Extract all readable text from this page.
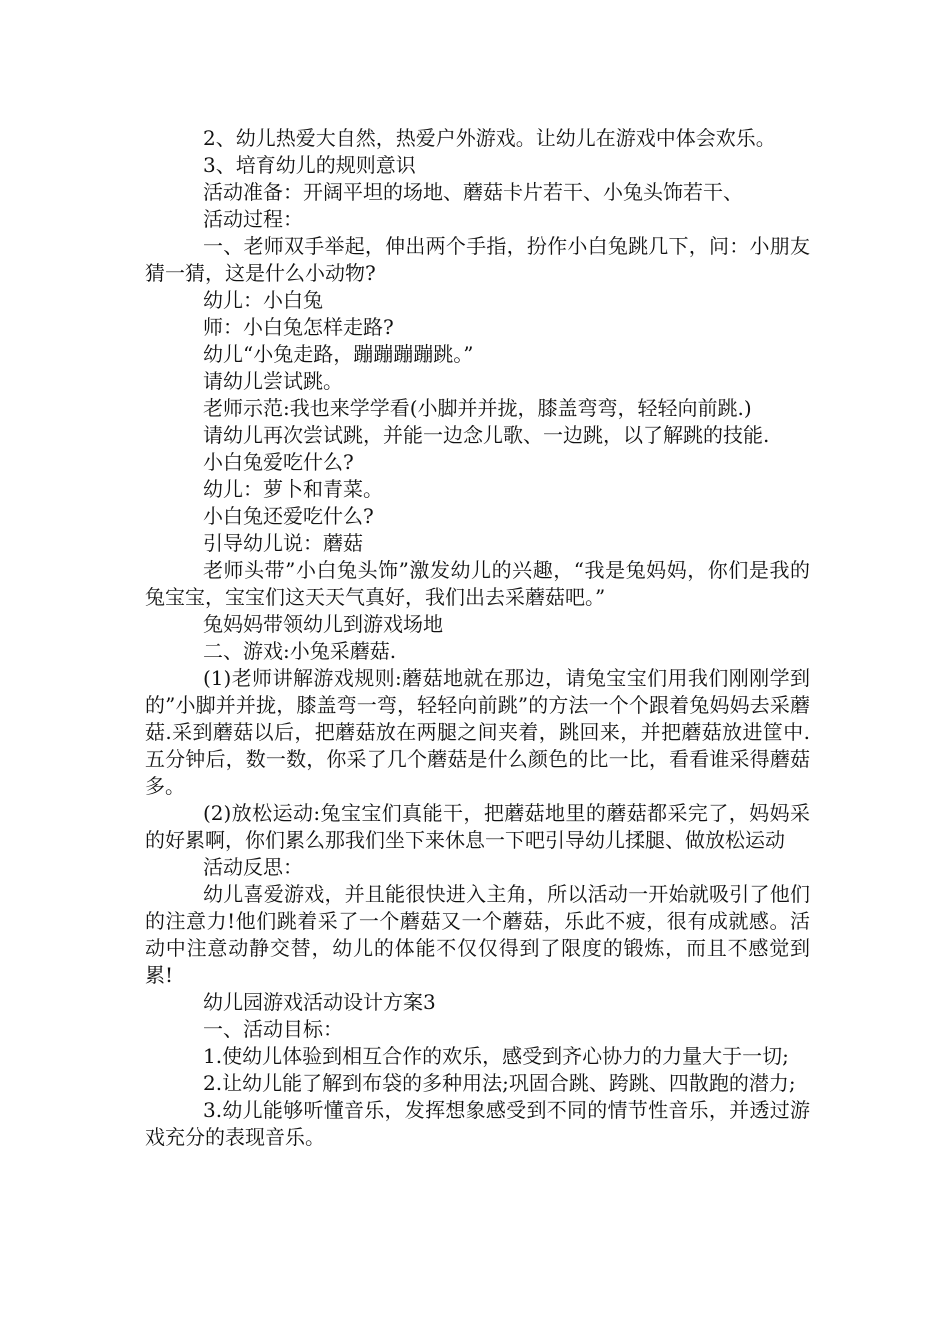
2、幼儿热爱大自然，热爱户外游戏。让幼儿在游戏中体会欢乐。

3、培育幼儿的规则意识

活动准备：开阔平坦的场地、蘑菇卡片若干、小兔头饰若干、

活动过程：

一、老师双手举起，伸出两个手指，扮作小白兔跳几下，问：小朋友猜一猜，这是什么小动物?

幼儿：小白兔

师：小白兔怎样走路?

幼儿“小兔走路，蹦蹦蹦蹦跳。”

请幼儿尝试跳。

老师示范:我也来学学看(小脚并并拢，膝盖弯弯，轻轻向前跳.)

请幼儿再次尝试跳，并能一边念儿歌、一边跳，以了解跳的技能.

小白兔爱吃什么?

幼儿：萝卜和青菜。

小白兔还爱吃什么?

引导幼儿说：蘑菇

老师头带”小白兔头饰”激发幼儿的兴趣，“我是兔妈妈，你们是我的兔宝宝，宝宝们这天天气真好，我们出去采蘑菇吧。”

兔妈妈带领幼儿到游戏场地

二、游戏:小兔采蘑菇.

(1)老师讲解游戏规则:蘑菇地就在那边，请兔宝宝们用我们刚刚学到的”小脚并并拢，膝盖弯一弯，轻轻向前跳”的方法一个个跟着兔妈妈去采蘑菇.采到蘑菇以后，把蘑菇放在两腿之间夹着，跳回来，并把蘑菇放进筐中.五分钟后，数一数，你采了几个蘑菇是什么颜色的比一比，看看谁采得蘑菇多。

(2)放松运动:兔宝宝们真能干，把蘑菇地里的蘑菇都采完了，妈妈采的好累啊，你们累么那我们坐下来休息一下吧引导幼儿揉腿、做放松运动

活动反思：

幼儿喜爱游戏，并且能很快进入主角，所以活动一开始就吸引了他们的注意力!他们跳着采了一个蘑菇又一个蘑菇，乐此不疲，很有成就感。活动中注意动静交替，幼儿的体能不仅仅得到了限度的锻炼，而且不感觉到累!

幼儿园游戏活动设计方案3

一、活动目标：

1.使幼儿体验到相互合作的欢乐，感受到齐心协力的力量大于一切;

2.让幼儿能了解到布袋的多种用法;巩固合跳、跨跳、四散跑的潜力;

3.幼儿能够听懂音乐，发挥想象感受到不同的情节性音乐，并透过游戏充分的表现音乐。
